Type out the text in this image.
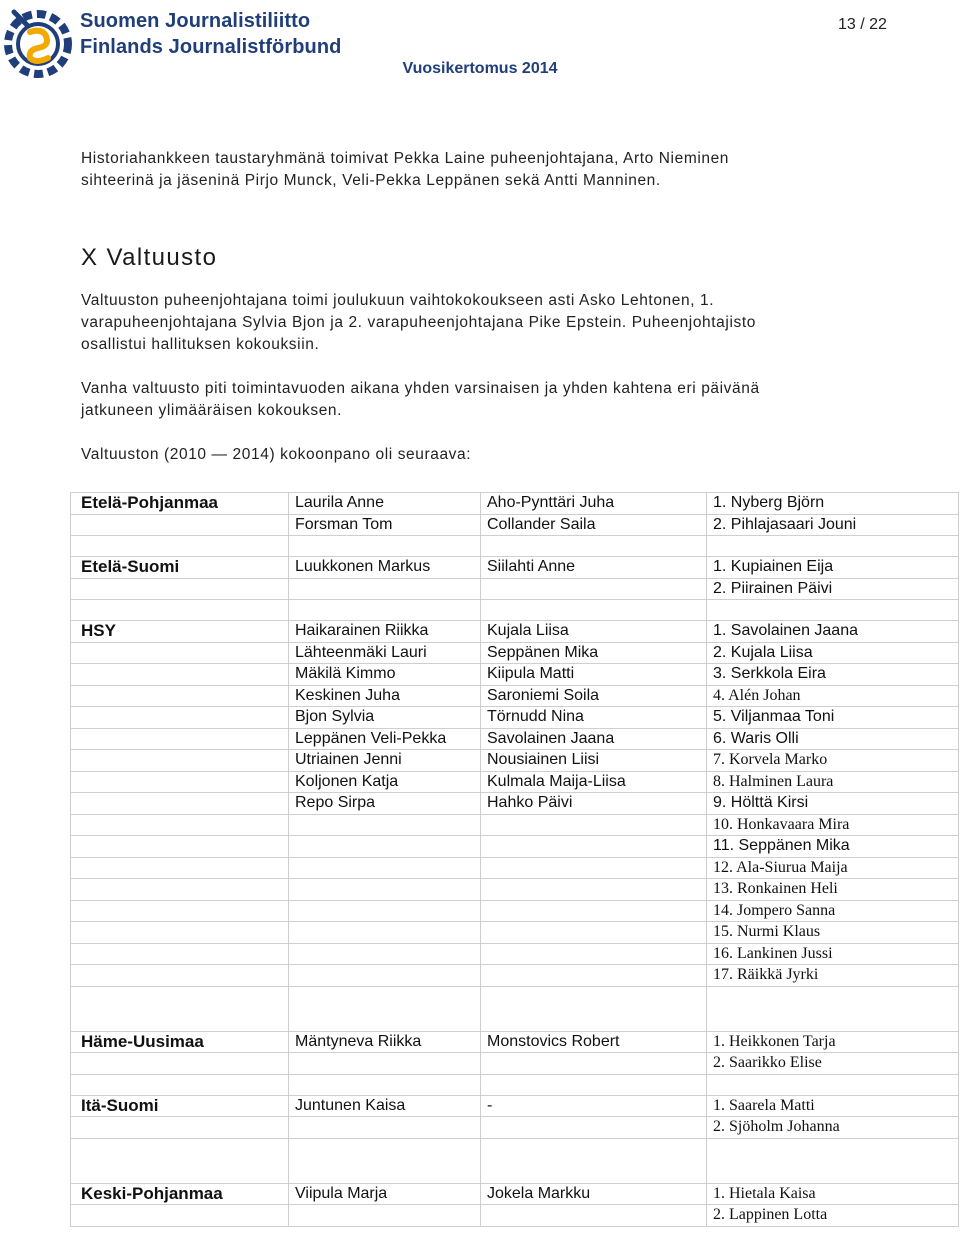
Suomen Journalistiliitto
Finlands Journalistförbund
13 / 22
Vuosikertomus 2014

Historiahankkeen taustaryhmänä toimivat Pekka Laine puheenjohtajana, Arto Nieminen

sihteerinä ja jäseninä Pirjo Munck, Veli-Pekka Leppänen sekä Antti Manninen.

X Valtuusto

Valtuuston puheenjohtajana toimi joulukuun vaihtokokoukseen asti Asko Lehtonen, 1.

varapuheenjohtajana Sylvia Bjon ja 2. varapuheenjohtajana Pike Epstein. Puheenjohtajisto

osallistui hallituksen kokouksiin.

Vanha valtuusto piti toimintavuoden aikana yhden varsinaisen ja yhden kahtena eri päivänä

jatkuneen ylimääräisen kokouksen.

Valtuuston (2010 — 2014) kokoonpano oli seuraava:

Etelä-Pohjanmaa	Laurila Anne	Aho-Pynttäri Juha	1. Nyberg Björn
	Forsman Tom	Collander Saila	2. Pihlajasaari Jouni

Etelä-Suomi	Luukkonen Markus	Siilahti Anne	1. Kupiainen Eija
			2. Piirainen Päivi

HSY	Haikarainen Riikka	Kujala Liisa	1. Savolainen Jaana
	Lähteenmäki Lauri	Seppänen Mika	2. Kujala Liisa
	Mäkilä Kimmo	Kiipula Matti	3. Serkkola Eira
	Keskinen Juha	Saroniemi Soila	4. Alén Johan
	Bjon Sylvia	Törnudd Nina	5. Viljanmaa Toni
	Leppänen Veli-Pekka	Savolainen Jaana	6. Waris Olli
	Utriainen Jenni	Nousiainen Liisi	7. Korvela Marko
	Koljonen Katja	Kulmala Maija-Liisa	8. Halminen Laura
	Repo Sirpa	Hahko Päivi	9. Hölttä Kirsi
			10. Honkavaara Mira
			11. Seppänen Mika
			12. Ala-Siurua Maija
			13. Ronkainen Heli
			14. Jompero Sanna
			15. Nurmi Klaus
			16. Lankinen Jussi
			17. Räikkä Jyrki

Häme-Uusimaa	Mäntyneva Riikka	Monstovics Robert	1. Heikkonen Tarja
			2. Saarikko Elise

Itä-Suomi	Juntunen Kaisa	-	1. Saarela Matti
			2. Sjöholm Johanna

Keski-Pohjanmaa	Viipula Marja	Jokela Markku	1. Hietala Kaisa
			2. Lappinen Lotta
